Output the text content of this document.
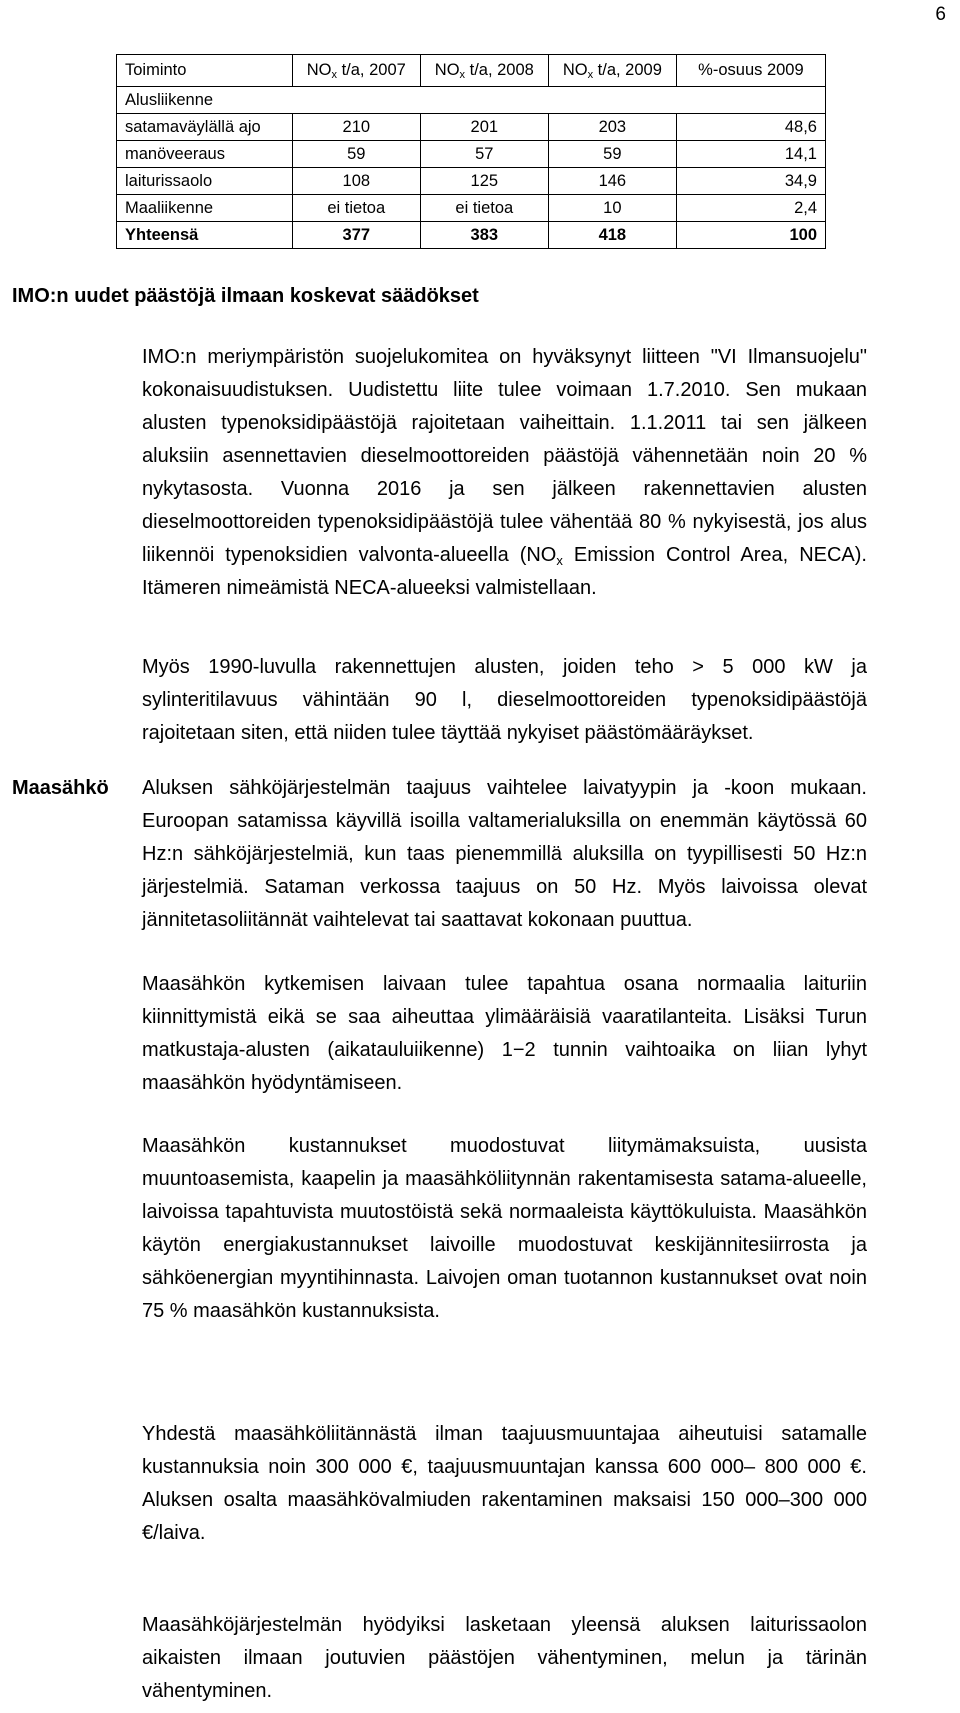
6
Toiminto	$NO_x$ t/a, 2007	$NO_x$ t/a, 2008	$NO_x$ t/a, 2009	%-osuus 2009
Alusliikenne				
satamaväylällä ajo	210	201	203	48,6
manöveeraus	59	57	59	14,1
laiturissaolo	108	125	146	34,9
Maaliikenne	ei tietoa	ei tietoa	10	2,4
Yhteensä	377	383	418	100
IMO:n uudet päästöjä ilmaan koskevat säädökset

IMO:n meriympäristön suojelukomitea on hyväksynyt liitteen "VI Ilmansuojelu" kokonaisuudistuksen. Uudistettu liite tulee voimaan 1.7.2010. Sen mukaan alusten typenoksidipäästöjä rajoitetaan vaiheittain. 1.1.2011 tai sen jälkeen aluksiin asennettavien dieselmoottoreiden päästöjä vähennetään noin 20 % nykytasosta. Vuonna 2016 ja sen jälkeen rakennettavien alusten dieselmoottoreiden typenoksidipäästöjä tulee vähentää 80 % nykyisestä, jos alus liikennöi typenoksidien valvonta-alueella ($NO_x$ Emission Control Area, NECA). Itämeren nimeämistä NECA-alueeksi valmistellaan.

Myös 1990-luvulla rakennettujen alusten, joiden teho > 5 000 kW ja sylinteritilavuus vähintään 90 l, dieselmoottoreiden typenoksidipäästöjä rajoitetaan siten, että niiden tulee täyttää nykyiset päästömääräykset.

Maasähkö Aluksen sähköjärjestelmän taajuus vaihtelee laivatyypin ja -koon mukaan. Euroopan satamissa käyvillä isoilla valtamerialuksilla on enemmän käytössä 60 Hz:n sähköjärjestelmiä, kun taas pienemmillä aluksilla on tyypillisesti 50 Hz:n järjestelmiä. Sataman verkossa taajuus on 50 Hz. Myös laivoissa olevat jännitetasoliitännät vaihtelevat tai saattavat kokonaan puuttua.

Maasähkön kytkemisen laivaan tulee tapahtua osana normaalia laituriin kiinnittymistä eikä se saa aiheuttaa ylimääräisiä vaaratilanteita. Lisäksi Turun matkustaja-alusten (aikatauluiikenne) 1−2 tunnin vaihtoaika on liian lyhyt maasähkön hyödyntämiseen.

Maasähkön kustannukset muodostuvat liitymämaksuista, uusista muuntoasemista, kaapelin ja maasähköliitynnän rakentamisesta satama-alueelle, laivoissa tapahtuvista muutostöistä sekä normaaleista käyttökuluista. Maasähkön käytön energiakustannukset laivoille muodostuvat keskijännitesiirrosta ja sähköenergian myyntihinnasta. Laivojen oman tuotannon kustannukset ovat noin 75 % maasähkön kustannuksista.

Yhdestä maasähköliitännästä ilman taajuusmuuntajaa aiheutuisi satamalle kustannuksia noin 300 000 €, taajuusmuuntajan kanssa 600 000– 800 000 €. Aluksen osalta maasähkövalmiuden rakentaminen maksaisi 150 000–300 000 €/laiva.

Maasähköjärjestelmän hyödyiksi lasketaan yleensä aluksen laiturissaolon aikaisten ilmaan joutuvien päästöjen vähentyminen, melun ja tärinän vähentyminen.
